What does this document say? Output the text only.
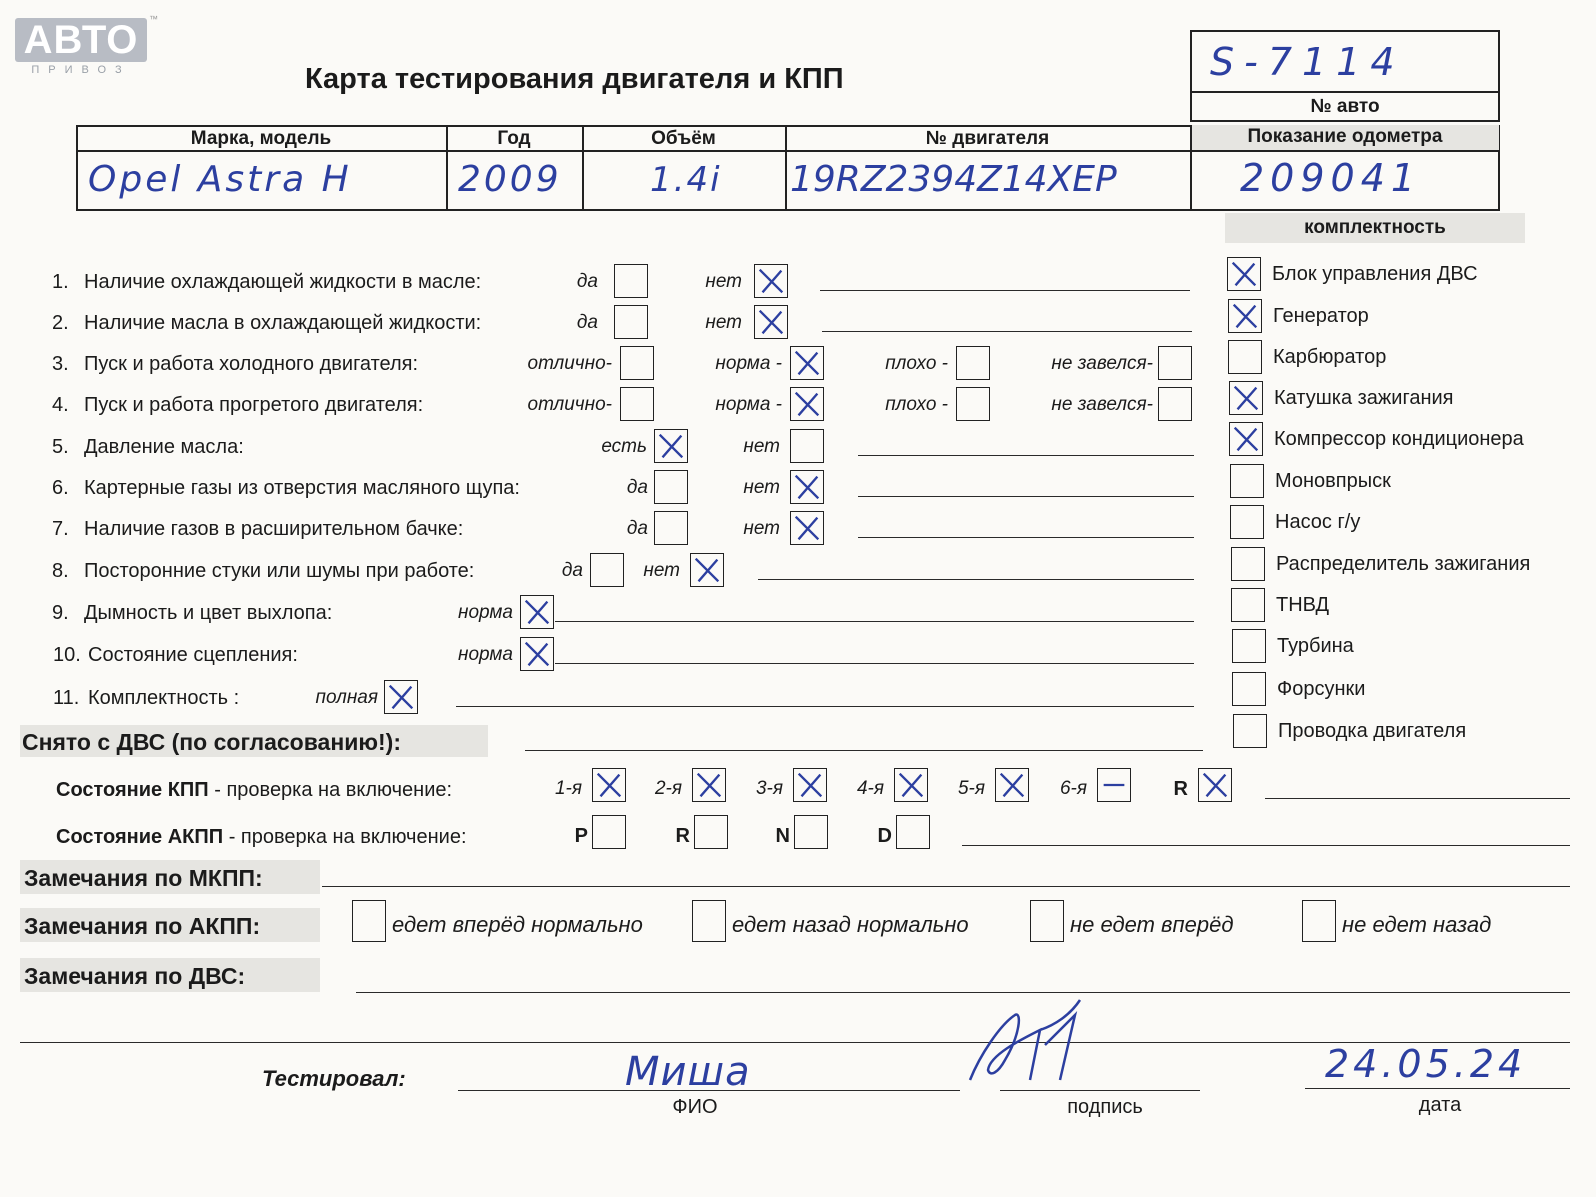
АВТО
ПРИВОЗ
™
Карта тестирования двигателя и КПП	S-7114
№ авто
Марка, модель	Год	Объём	№ двигателя	Показание одометра
Opel Astra H	2009	1.4i 19RZ2394Z14XEP	209041
комплектность
1. Наличие охлаждающей жидкости в масле:	да	нет
2. Наличие масла в охлаждающей жидкости:	да	нет
3. Пуск и работа холодного двигателя:	отлично-	норма -	плохо -	не завелся-
4. Пуск и работа прогретого двигателя:	отлично-	норма -	плохо -	не завелся-
5. Давление масла:	есть	нет
6. Картерные газы из отверстия масляного щупа:	да	нет
7. Наличие газов в расширительном бачке:	да	нет
8. Посторонние стуки или шумы при работе:	да	нет
9. Дымность и цвет выхлопа:	норма
10. Состояние сцепления:	норма
11. Комплектность :	полная
Блок управления ДВС
Генератор
Карбюратор
Катушка зажигания
Компрессор кондиционера
Моновпрыск
Насос г/у
Распределитель зажигания
ТНВД
Турбина
Форсунки
Проводка двигателя
Снято с ДВС (по согласованию!):
Состояние КПП - проверка на включение:	1-я	2-я	3-я	4-я	5-я	6-я	R
Состояние АКПП - проверка на включение:	P	R	N	D
Замечания по МКПП:
Замечания по АКПП:	едет вперёд нормально	едет назад нормально	не едет вперёд	не едет назад
Замечания по ДВС:
Тестировал:	Миша
ФИО	подпись
24.05.24
дата
